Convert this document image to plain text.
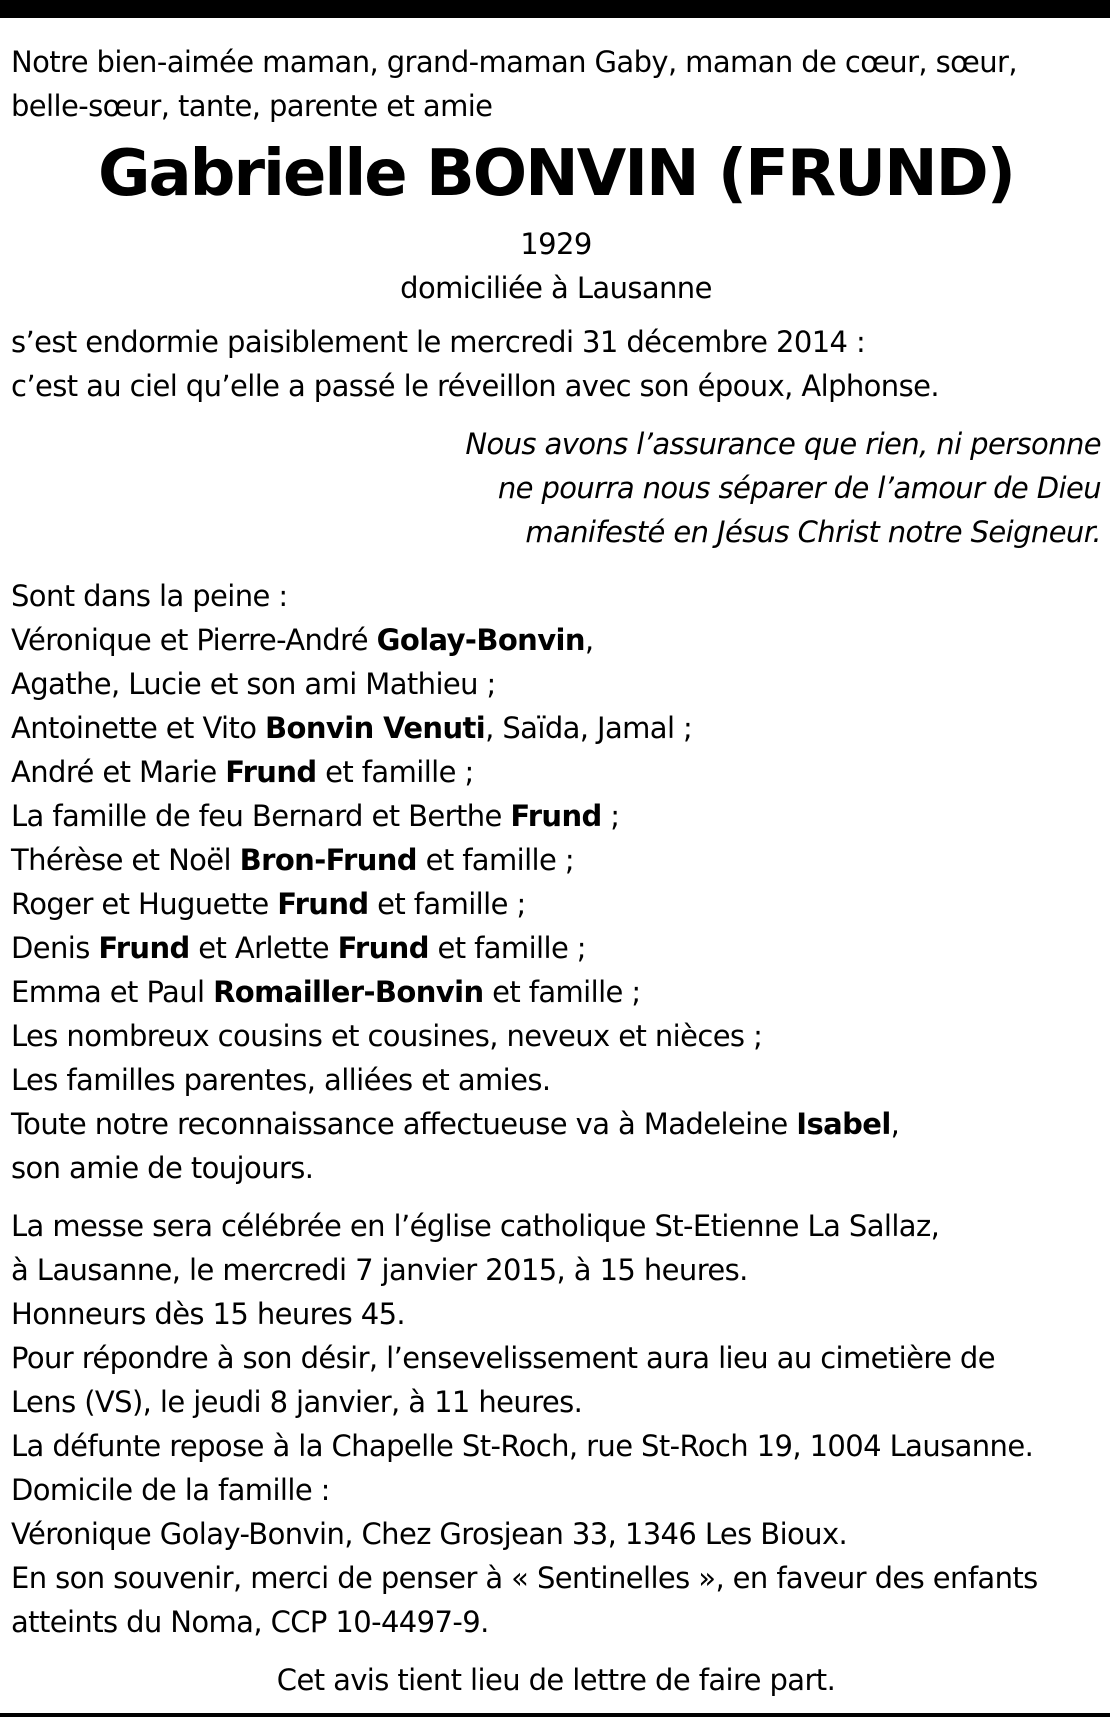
Notre bien-aimée maman, grand-maman Gaby, maman de cœur, sœur,
belle-sœur, tante, parente et amie
Gabrielle BONVIN (FRUND)
1929
domiciliée à Lausanne
s’est endormie paisiblement le mercredi 31 décembre 2014 :
c’est au ciel qu’elle a passé le réveillon avec son époux, Alphonse.
Nous avons l’assurance que rien, ni personne
ne pourra nous séparer de l’amour de Dieu
manifesté en Jésus Christ notre Seigneur.
Sont dans la peine :
Véronique et Pierre-André Golay-Bonvin,
Agathe, Lucie et son ami Mathieu ;
Antoinette et Vito Bonvin Venuti, Saïda, Jamal ;
André et Marie Frund et famille ;
La famille de feu Bernard et Berthe Frund ;
Thérèse et Noël Bron-Frund et famille ;
Roger et Huguette Frund et famille ;
Denis Frund et Arlette Frund et famille ;
Emma et Paul Romailler-Bonvin et famille ;
Les nombreux cousins et cousines, neveux et nièces ;
Les familles parentes, alliées et amies.
Toute notre reconnaissance affectueuse va à Madeleine Isabel,
son amie de toujours.
La messe sera célébrée en l’église catholique St-Etienne La Sallaz,
à Lausanne, le mercredi 7 janvier 2015, à 15 heures.
Honneurs dès 15 heures 45.
Pour répondre à son désir, l’ensevelissement aura lieu au cimetière de
Lens (VS), le jeudi 8 janvier, à 11 heures.
La défunte repose à la Chapelle St-Roch, rue St-Roch 19, 1004 Lausanne.
Domicile de la famille :
Véronique Golay-Bonvin, Chez Grosjean 33, 1346 Les Bioux.
En son souvenir, merci de penser à « Sentinelles », en faveur des enfants
atteints du Noma, CCP 10-4497-9.
Cet avis tient lieu de lettre de faire part.
